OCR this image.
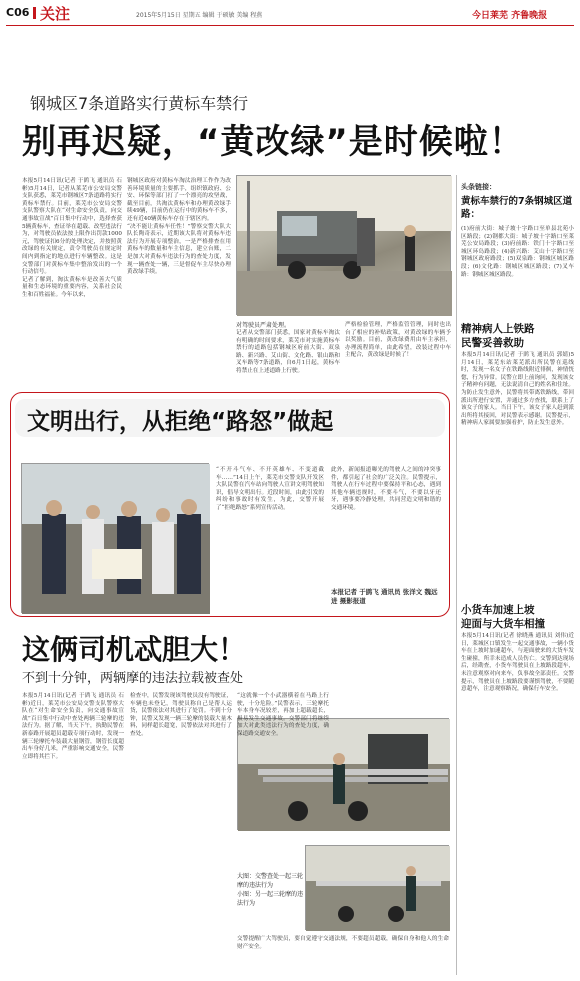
C06 关注	2015年5月15日 星期五 编辑 于硕敏 美编 程燕	今日莱芜 齐鲁晚报
钢城区7条道路实行黄标车禁行
别再迟疑，“黄改绿”是时候啦！
本报5月14日讯(记者 于鹍飞 通讯员 石彬)5月14日，记者从莱芜市公安局交警支队获悉，莱芜市钢城区7条道路将实行黄标车禁行。目前，莱芜市公安局交警支队警察大队在“对生命安全负责，向交通事故宣战”百日集中行动中，选择查获5辆黄标车，查证举在超载、改型违法行为，对驾驶员依法按上限作出罚款1000元，驾驶证扣6分的处理决定，并按照黄改绿的有关规定，责令驾驶员在规定时间内到指定的地点进行车辆整改。这是交警部门对黄标车集中整治发出的一个行动信号。
记者了解到，淘汰黄标车是改善大气质量和生态环境的重要内容，关系社会民生和百姓福祉。今年以来，
钢城区政府对黄标车淘汰治理工作作为改善环境质量的主要抓手，组织镇政府、公安、环保等部门打了一个漂亮的攻坚战，截至目前，共淘汰黄标车和办理黄改绿手续49辆，目前仍在运行中的黄标车不多，还有近40辆黄标车存在于辖区内。
“决不能让黄标车任性！”警察交警大队大队长陶奇表示，近期该大队将对黄标车违法行为开展专项整治，一是严格排查在用黄标车的数量和车主信息，建立台账，二是加大对黄标车违法行为的查处力度，发现一辆查处一辆，三是督促车主尽快办理黄改绿手续。
对驾驶员严肃处理。
记者从交警部门获悉，国家对黄标车淘汰有明确的时间要求，莱芜市对实施黄标车禁行的道路包括钢城区府前大街、双泉路、新兴路、艾山街、文化路、银山路和叉车路等7条道路，自6月1日起，黄标车将禁止在上述道路上行驶。
严格检验管理，严格监管管理，同时也出台了相应的补贴政策，对黄改绿的车辆予以奖励。目前，黄改绿费用由车主承担，办理流程简单，由此希望，改装过程中车主配合，黄改绿是时候了！
头条链接：
黄标车禁行的7条钢城区道路：
(1)府前大街：城子坡十字路口至单县北苑小区路段；(2)钢都大街：城子坡十字路口至莱芜公安局路段；(3)府前路：铁门十字路口至城区环岛路段；(4)新兴路：艾山十字路口至钢城区政府路段；(5)双泉路：钢城区城区路段；(6)文化路：钢城区城区路段；(7)叉车路：钢城区城区路段。
精神病人上铁路
民警妥善救助
本报5月14日讯(记者 于鹍飞 通讯员 郭婧)5月14日，莱芜东站莱芜派出所民警在巡线时，发现一名女子在铁路线附近徘徊，神情恍惚，行为异常。民警立即上前询问，发现该女子精神有问题，无法说清自己的姓名和住址。为防止发生意外，民警将其带离铁路线，带回派出所进行安置，并通过多方查找，联系上了该女子的家人。当日下午，该女子家人赶到派出所将其接回，对民警表示感谢。民警提示，精神病人家属要加强看护，防止发生意外。
小货车加速上坡
迎面与大货车相撞
本报5月14日讯(记者 徐晓燕 通讯员 刘伟)近日，莱城区口镇发生一起交通事故，一辆小货车在上坡时加速超车，与迎面驶来的大货车发生碰撞，所幸未造成人员伤亡。交警到达现场后，经勘查，小货车驾驶员在上坡路段超车，未注意观察对向来车，负事故全部责任。交警提示，驾驶员在上坡路段要谨慎驾驶，不要随意超车，注意观察路况，确保行车安全。
文明出行，从拒绝“路怒”做起
“不开斗气车、不开英雄车、不变道截车……”14日上午，莱芜市交警支队开发区大队民警在汽车站向驾驶人宣讲文明驾驶知识，倡导文明出行。近段时间，由此引发的纠纷和事故时有发生，为此，交警开展了“拒绝路怒”系列宣传活动。
此外，新闻报道曝光的驾驶人之间的冲突事件，都引起了社会的广泛关注。民警提示，驾驶人在行车过程中要保持平和心态，遇到其他车辆违规时，不要斗气，不要以牙还牙，遇事要冷静处理，共同营造文明和谐的交通环境。
本报记者 于鹍飞 通讯员 张洋文 魏远进 摄影报道
这俩司机忒胆大！
不到十分钟，两辆摩的违法拉载被查处
本报5月14日讯(记者 于鹍飞 通讯员 石彬)近日，莱芜市公安局交警支队警察大队在“对生命安全负责，向交通事故宣战”百日集中行动中查处两辆三轮摩的违法行为。据了解，当天下午，执勤民警在新泰路开展超员超载专项行动时，发现一辆三轮摩托车装载大量钢管，钢管长度超出车身好几米，严重影响交通安全，民警立即将其拦下。
检查中，民警发现该驾驶员没有驾驶证，车辆也未登记，驾驶员称自己是帮人运货，民警依法对其进行了处罚。不到十分钟，民警又发现一辆三轮摩的装载大量木料，同样超长超宽，民警依法对其进行了查处。
大图：交警查处一起三轮摩的违法行为
小图：另一起三轮摩的违法行为
“这就像一个小武器横着在马路上行驶，十分危险。”民警表示，三轮摩托车本身车况较差，再加上超载超长，极易发生交通事故。交警部门将继续加大对此类违法行为的查处力度，确保道路交通安全。
交警提醒广大驾驶员，要自觉遵守交通法规，不要超员超载，确保自身和他人的生命财产安全。
